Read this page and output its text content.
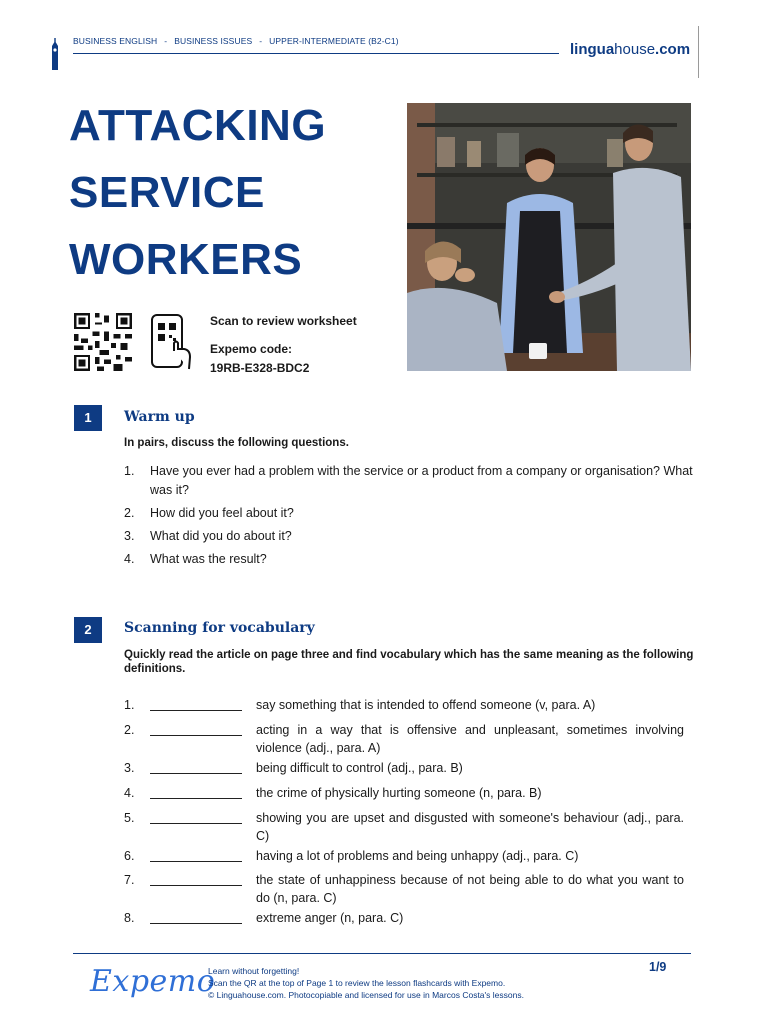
BUSINESS ENGLISH - BUSINESS ISSUES - UPPER-INTERMEDIATE (B2-C1)	linguahouse.com
ATTACKING
SERVICE
WORKERS
Scan to review worksheet
Expemo code:
19RB-E328-BDC2
1	Warm up
In pairs, discuss the following questions.
1. Have you ever had a problem with the service or a product from a company or organisation? What was it?
2. How did you feel about it?
3. What did you do about it?
4. What was the result?
2	Scanning for vocabulary
Quickly read the article on page three and find vocabulary which has the same meaning as the following definitions.
1.	say something that is intended to offend someone (v, para. A)
2.	acting in a way that is offensive and unpleasant, sometimes involving violence (adj., para. A)
3.	being difficult to control (adj., para. B)
4.	the crime of physically hurting someone (n, para. B)
5.	showing you are upset and disgusted with someone's behaviour (adj., para. C)
6.	having a lot of problems and being unhappy (adj., para. C)
7.	the state of unhappiness because of not being able to do what you want to do (n, para. C)
8.	extreme anger (n, para. C)
1/9
Expemo
Learn without forgetting!
Scan the QR at the top of Page 1 to review the lesson flashcards with Expemo.
© Linguahouse.com. Photocopiable and licensed for use in Marcos Costa's lessons.
